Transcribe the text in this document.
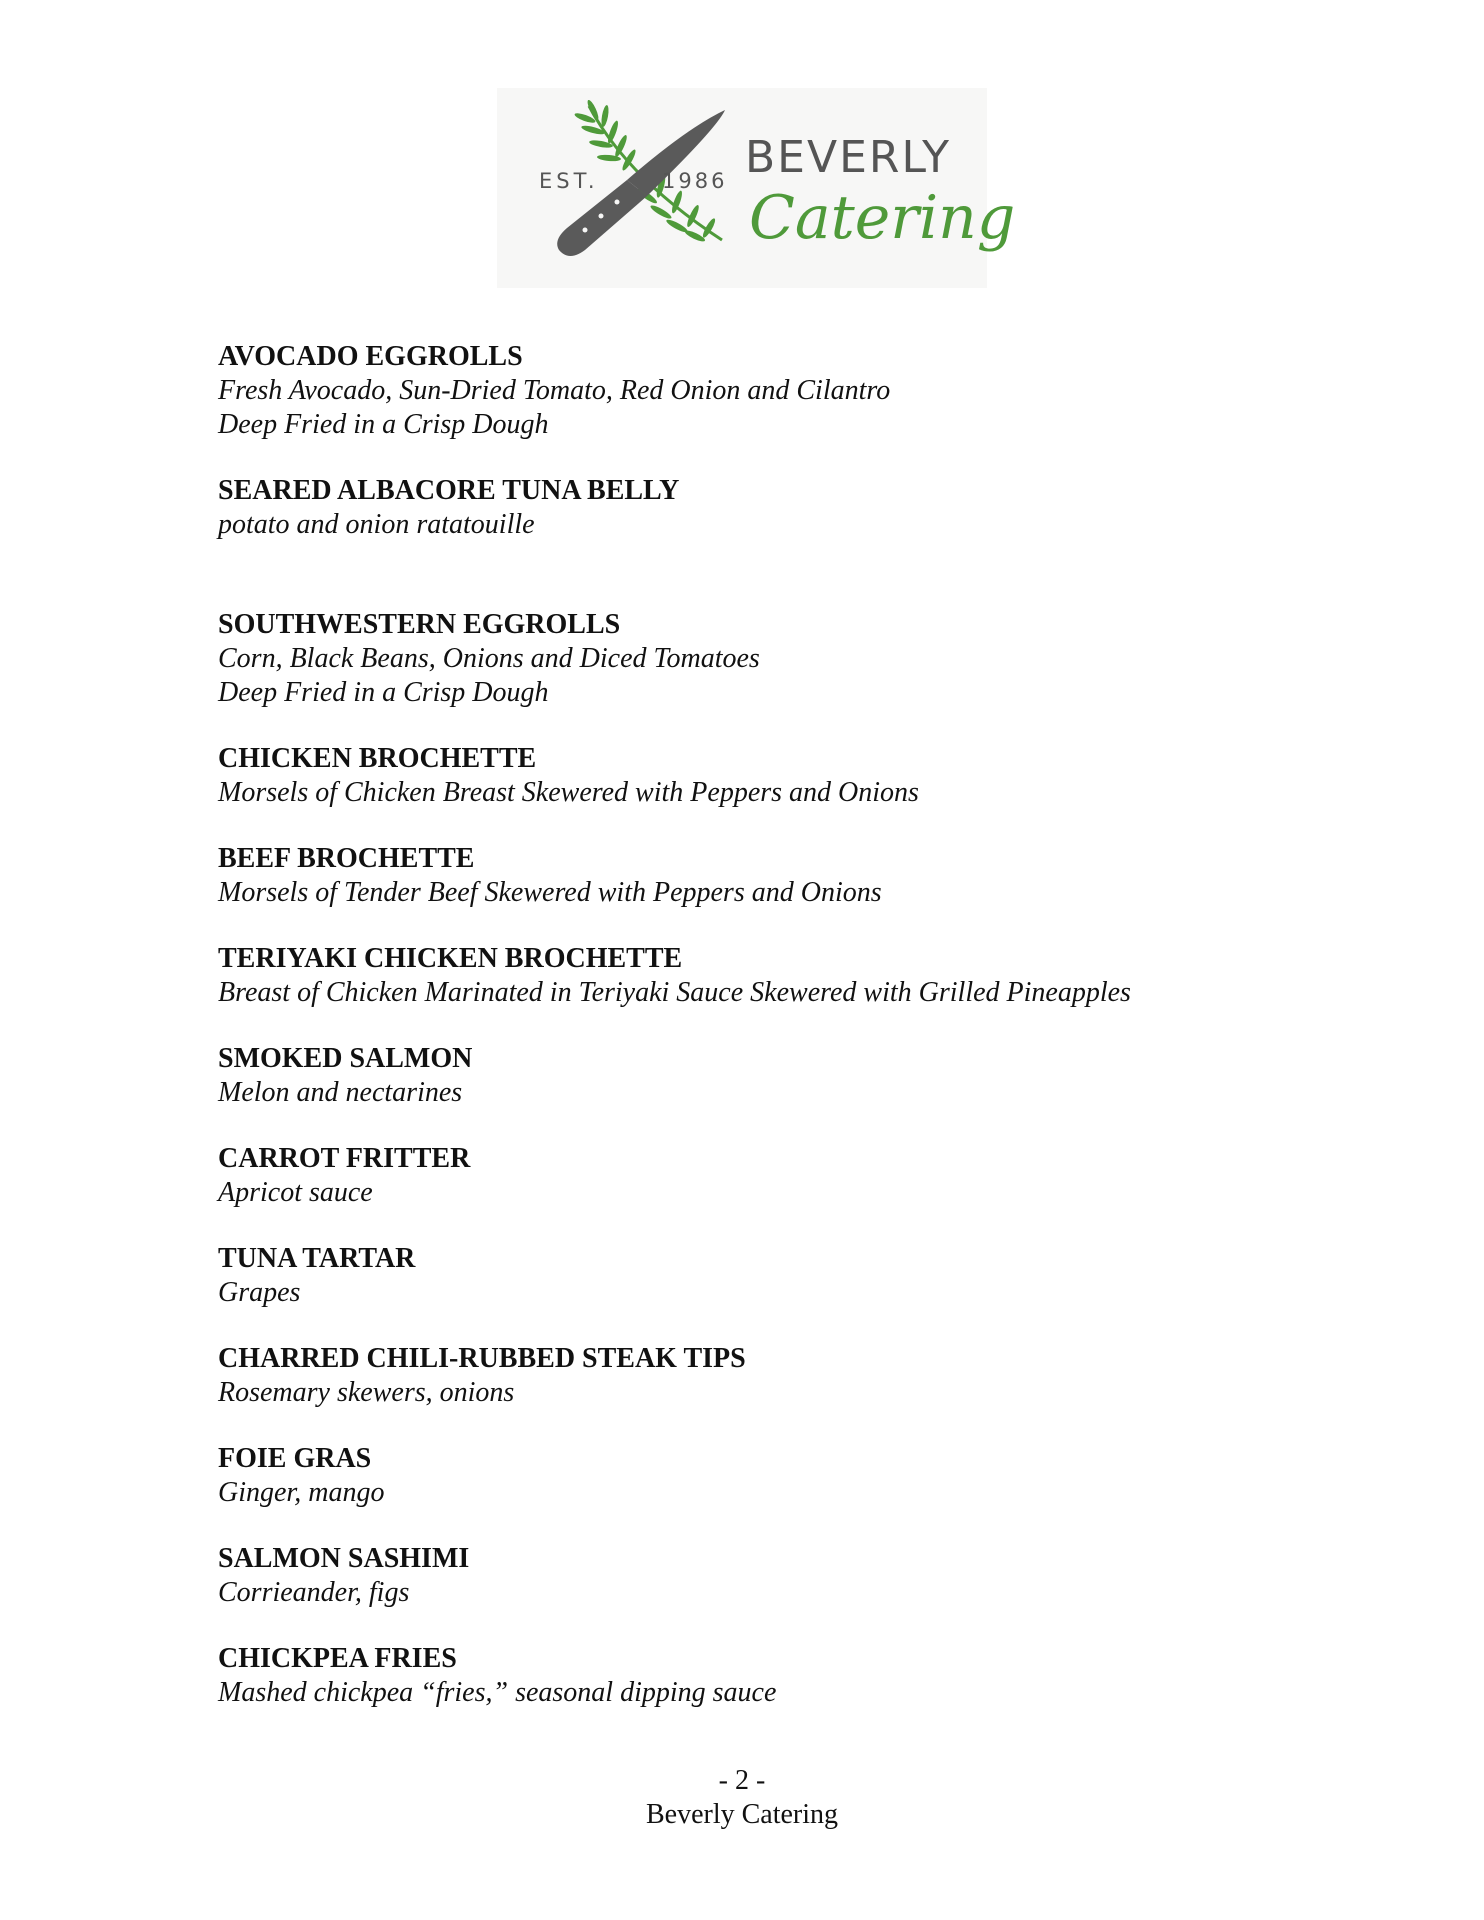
EST.	1986 BEVERLY
Catering
AVOCADO EGGROLLS
Fresh Avocado, Sun-Dried Tomato, Red Onion and Cilantro
Deep Fried in a Crisp Dough
SEARED ALBACORE TUNA BELLY
potato and onion ratatouille
SOUTHWESTERN EGGROLLS
Corn, Black Beans, Onions and Diced Tomatoes
Deep Fried in a Crisp Dough
CHICKEN BROCHETTE
Morsels of Chicken Breast Skewered with Peppers and Onions
BEEF BROCHETTE
Morsels of Tender Beef Skewered with Peppers and Onions
TERIYAKI CHICKEN BROCHETTE
Breast of Chicken Marinated in Teriyaki Sauce Skewered with Grilled Pineapples
SMOKED SALMON
Melon and nectarines
CARROT FRITTER
Apricot sauce
TUNA TARTAR
Grapes
CHARRED CHILI-RUBBED STEAK TIPS
Rosemary skewers, onions
FOIE GRAS
Ginger, mango
SALMON SASHIMI
Corrieander, figs
CHICKPEA FRIES
Mashed chickpea “fries,” seasonal dipping sauce
- 2 -
Beverly Catering
